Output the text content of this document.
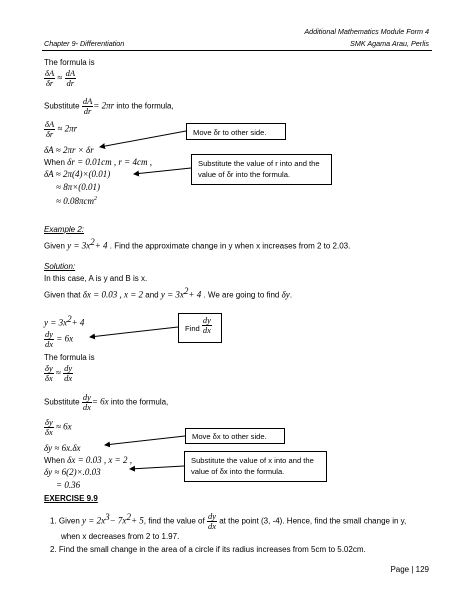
Additional Mathematics Module Form 4
Chapter 9- Differentiation	SMK Agama Arau, Perlis
The formula is
$\frac{\delta A}{\delta r} \approx \frac{dA}{dr}$
Substitute $\frac{dA}{dr} = 2\pi r$ into the formula,
$\frac{\delta A}{\delta r} \approx 2\pi r$
δA ≈ 2πr × δr
When δr = 0.01cm , r = 4cm ,
δA ≈ 2π(4)×(0.01)
≈ 8π×(0.01)
≈ 0.08πcm$^2$
Move δr to other side.
Substitute the value of r into and the
value of δr into the formula.
Example 2:
Given $y = 3x^2+ 4$ . Find the approximate change in y when x increases from 2 to 2.03.
Solution:
In this case, A is y and B is x.
Given that δx = 0.03 , x = 2 and $y = 3x^2+ 4$ . We are going to find δy.
$y = 3x^2+ 4$
$\frac{dy}{dx} = 6x$
Find $\frac{dy}{dx}$
The formula is
$\frac{\delta y}{\delta x} \approx \frac{dy}{dx}$
Substitute $\frac{dy}{dx} = 6x$ into the formula,
$\frac{\delta y}{\delta x} \approx 6x$
δy ≈ 6x.δx
When δx = 0.03 , x = 2 ,
δy ≈ 6(2)×.0.03
= 0.36
Move δx to other side.
Substitute the value of x into and the
value of δx into the formula.
EXERCISE 9.9
1. Given $y = 2x^3- 7x^2+ 5$, find the value of $\frac{dy}{dx}$ at the point (3, -4). Hence, find the small change in y,
when x decreases from 2 to 1.97.
2. Find the small change in the area of a circle if its radius increases from 5cm to 5.02cm.
Page | 129
